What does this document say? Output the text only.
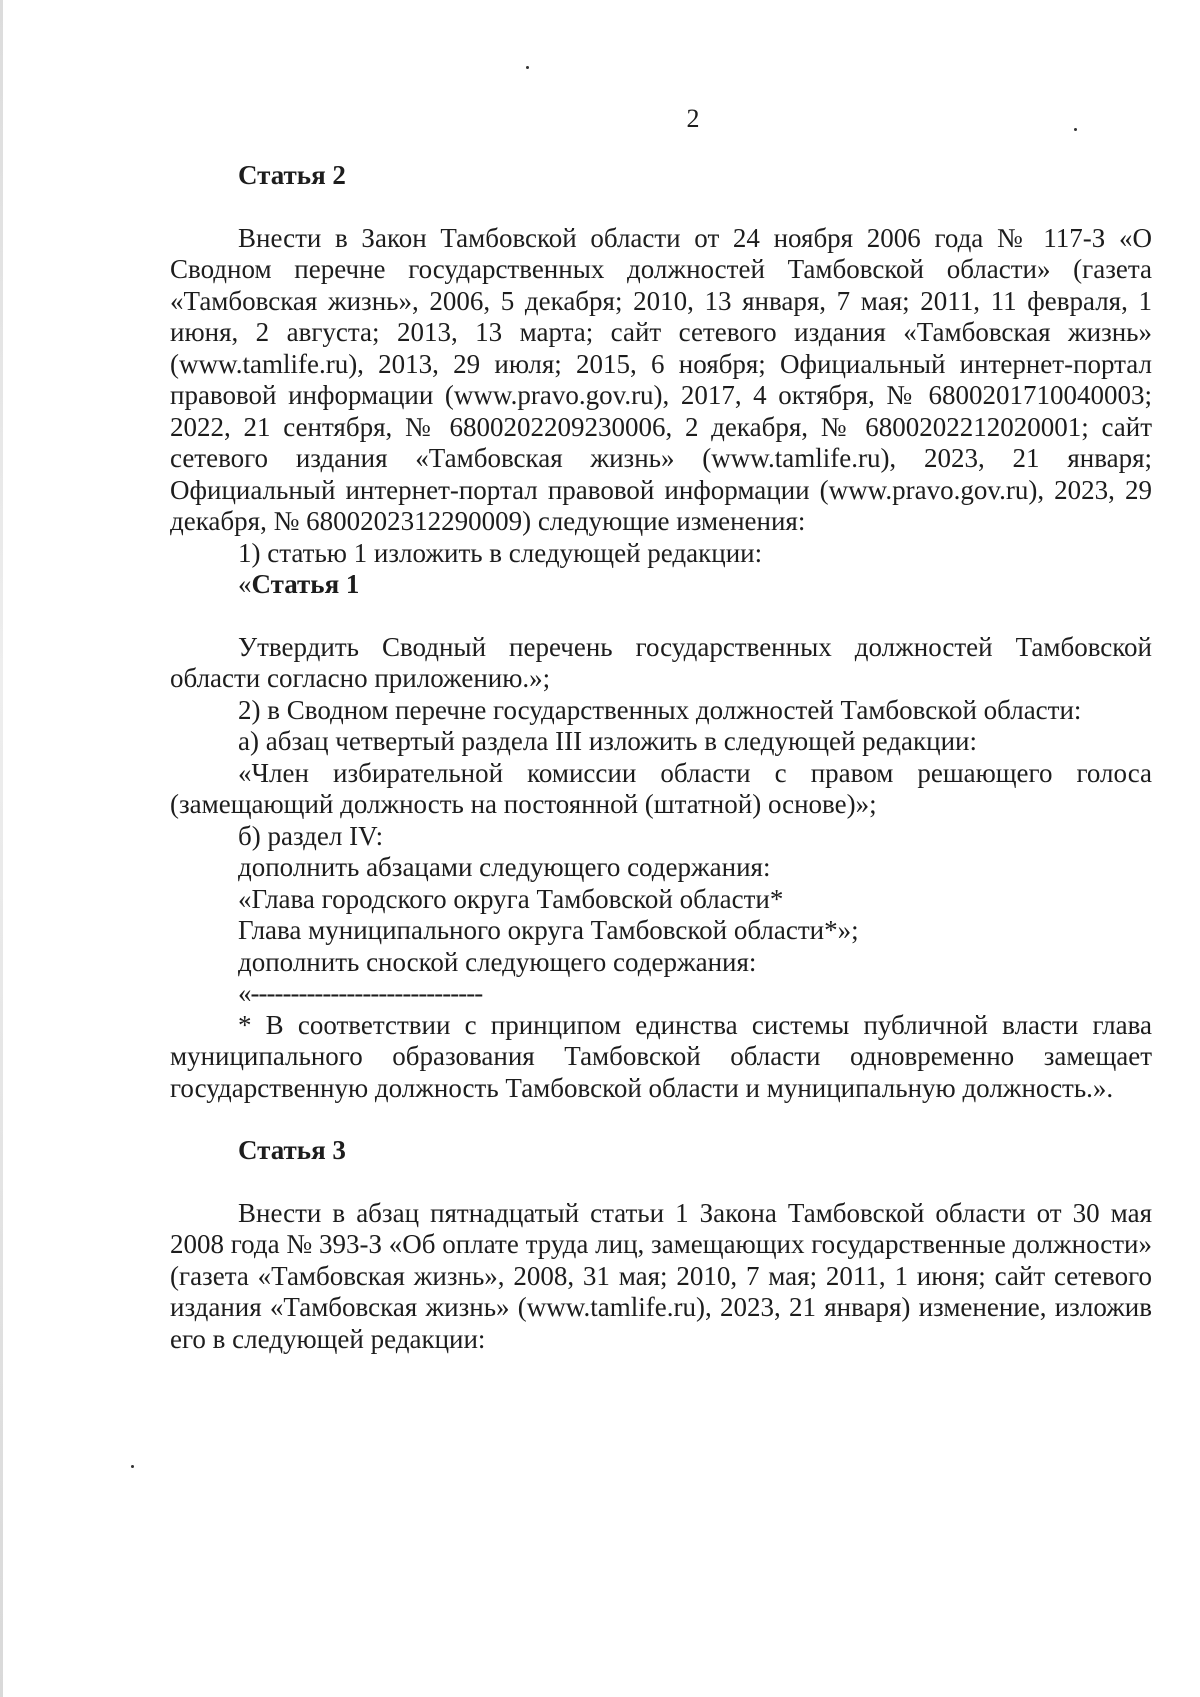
2
Статья 2

Внести в Закон Тамбовской области от 24 ноября 2006 года № 117-З «О Сводном перечне государственных должностей Тамбовской области» (газета «Тамбовская жизнь», 2006, 5 декабря; 2010, 13 января, 7 мая; 2011, 11 февраля, 1 июня, 2 августа; 2013, 13 марта; сайт сетевого издания «Тамбовская жизнь» (www.tamlife.ru), 2013, 29 июля; 2015, 6 ноября; Официальный интернет-портал правовой информации (www.pravo.gov.ru), 2017, 4 октября, № 6800201710040003; 2022, 21 сентября, № 6800202209230006, 2 декабря, № 6800202212020001; сайт сетевого издания «Тамбовская жизнь» (www.tamlife.ru), 2023, 21 января; Официальный интернет-портал правовой информации (www.pravo.gov.ru), 2023, 29 декабря, № 6800202312290009) следующие изменения:

1) статью 1 изложить в следующей редакции:

«Статья 1

Утвердить Сводный перечень государственных должностей Тамбовской области согласно приложению.»;

2) в Сводном перечне государственных должностей Тамбовской области:

а) абзац четвертый раздела III изложить в следующей редакции:

«Член избирательной комиссии области с правом решающего голоса (замещающий должность на постоянной (штатной) основе)»;

б) раздел IV:

дополнить абзацами следующего содержания:

«Глава городского округа Тамбовской области*

Глава муниципального округа Тамбовской области*»;

дополнить сноской следующего содержания:

«-----------------------------

* В соответствии с принципом единства системы публичной власти глава муниципального образования Тамбовской области одновременно замещает государственную должность Тамбовской области и муниципальную должность.».

Статья 3

Внести в абзац пятнадцатый статьи 1 Закона Тамбовской области от 30 мая 2008 года № 393-З «Об оплате труда лиц, замещающих государственные должности» (газета «Тамбовская жизнь», 2008, 31 мая; 2010, 7 мая; 2011, 1 июня; сайт сетевого издания «Тамбовская жизнь» (www.tamlife.ru), 2023, 21 января) изменение, изложив его в следующей редакции:
